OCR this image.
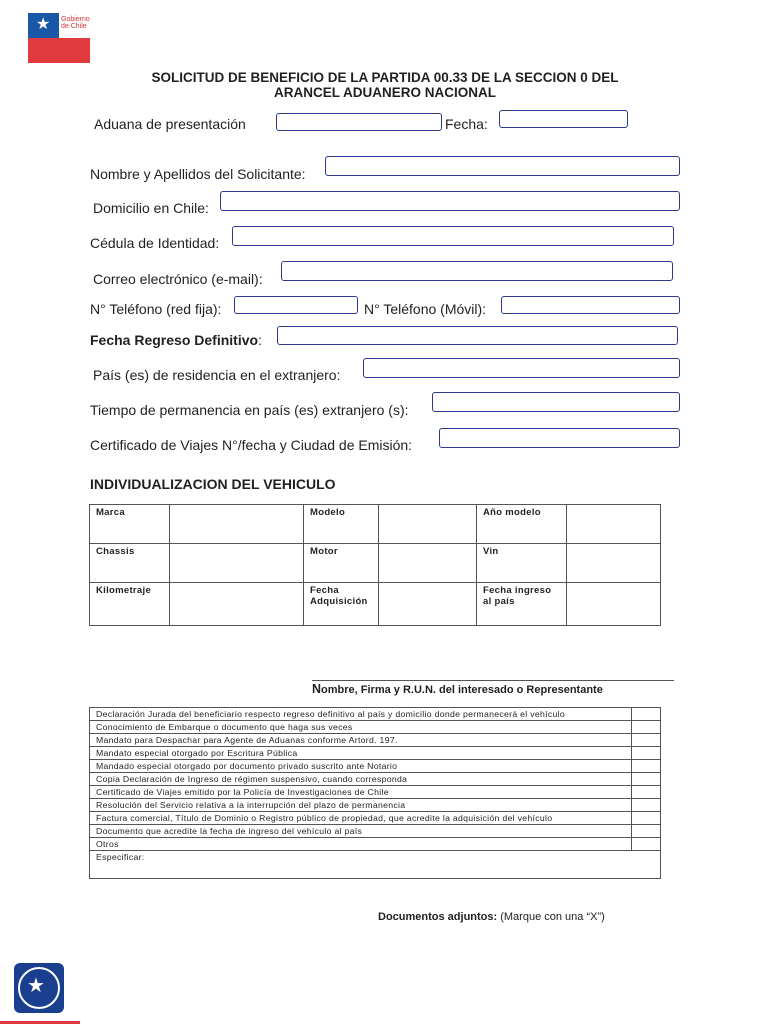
★ Gobierno de Chile
SOLICITUD DE BENEFICIO DE LA PARTIDA 00.33 DE LA SECCION 0 DEL
ARANCEL ADUANERO NACIONAL
Aduana de presentación	Fecha:
Nombre y Apellidos del Solicitante:
Domicilio en Chile:
Cédula de Identidad:
Correo electrónico (e-mail):
N° Teléfono (red fija):	N° Teléfono (Móvil):
Fecha Regreso Definitivo:
País (es) de residencia en el extranjero:
Tiempo de permanencia en país (es) extranjero (s):
Certificado de Viajes N°/fecha y Ciudad de Emisión:
INDIVIDUALIZACION DEL VEHICULO
Marca		Modelo		Año modelo	
Chassis		Motor		Vin	
Kilometraje		Fecha Adquisición		Fecha ingreso al país	
Nombre, Firma y R.U.N. del interesado o Representante
Declaración Jurada del beneficiario respecto regreso definitivo al país y domicilio donde permanecerá el vehículo	
Conocimiento de Embarque o documento que haga sus veces	
Mandato para Despachar para Agente de Aduanas conforme Artord. 197.	
Mandato especial otorgado por Escritura Pública	
Mandado especial otorgado por documento privado suscrito ante Notario	
Copia Declaración de Ingreso de régimen suspensivo, cuando corresponda	
Certificado de Viajes emitido por la Policía de Investigaciones de Chile	
Resolución del Servicio relativa a la interrupción del plazo de permanencia	
Factura comercial, Título de Dominio o Registro público de propiedad, que acredite la adquisición del vehículo	
Documento que acredite la fecha de ingreso del vehículo al país	
Otros	
Especificar:	
Documentos adjuntos: (Marque con una “X”)
★
